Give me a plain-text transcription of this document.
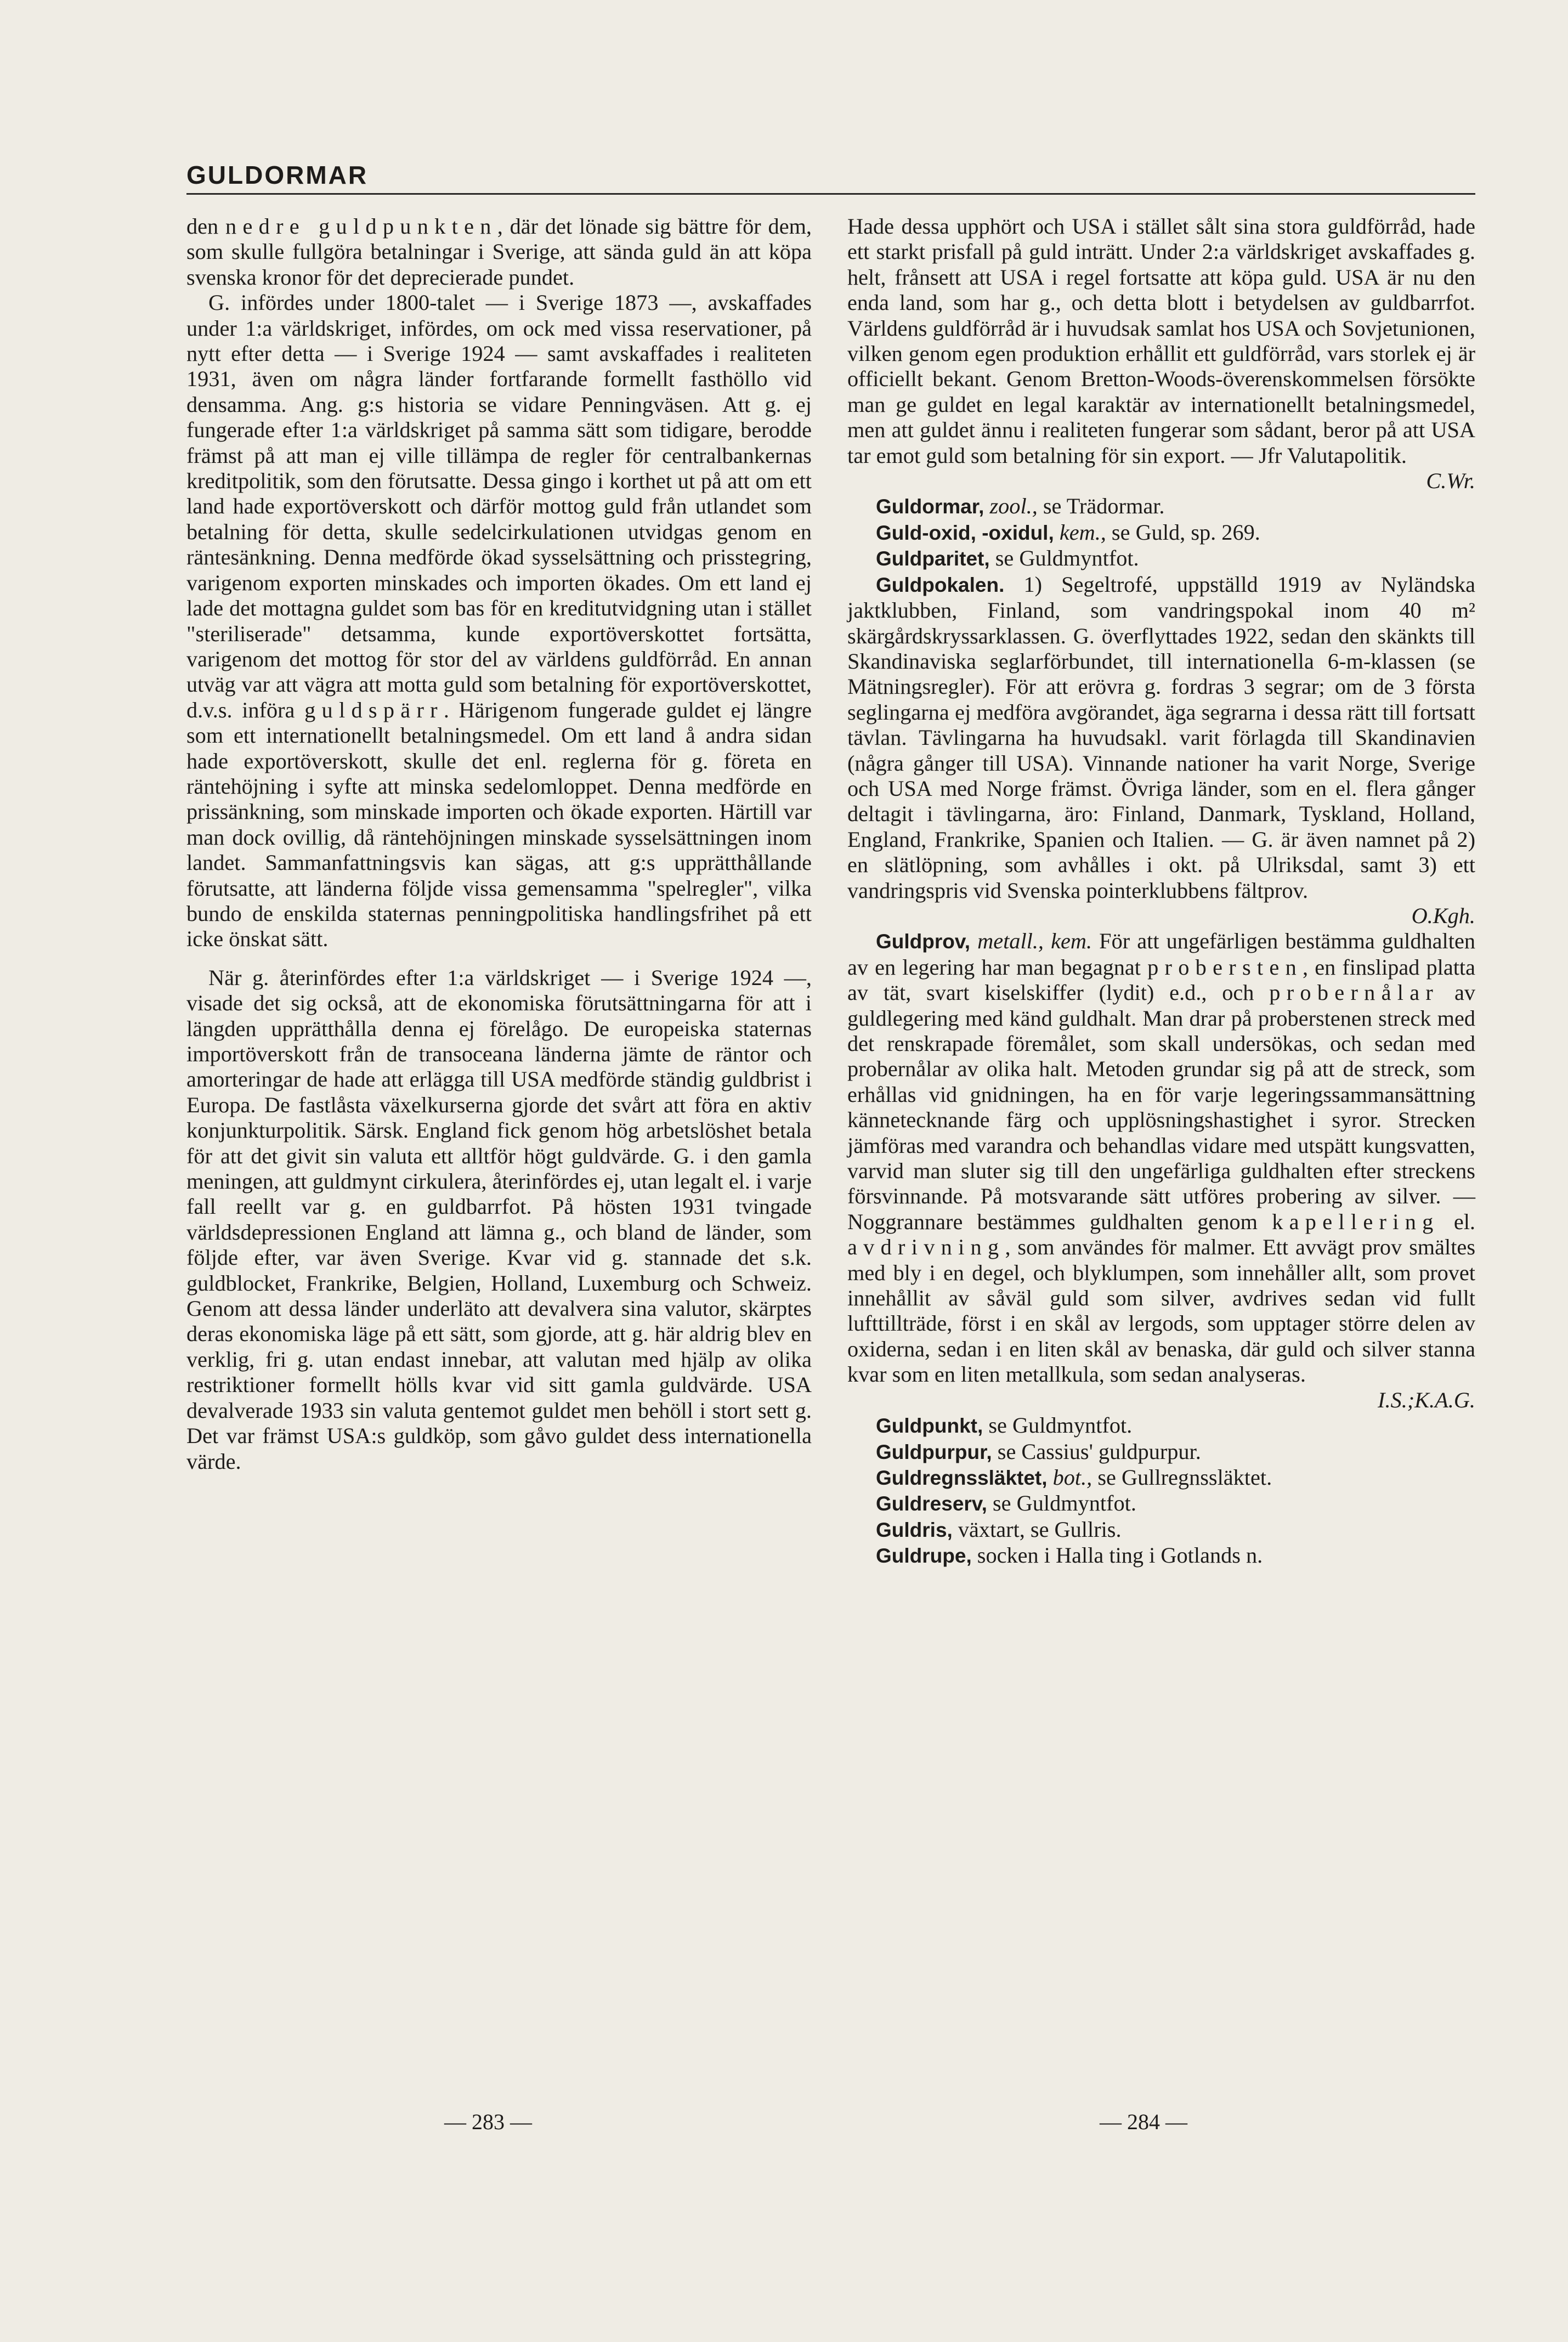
GULDORMAR

den nedre guldpunkten, där det lönade sig bättre för dem, som skulle fullgöra betalningar i Sverige, att sända guld än att köpa svenska kronor för det deprecierade pundet.

G. infördes under 1800-talet — i Sverige 1873 —, avskaffades under 1:a världskriget, infördes, om ock med vissa reservationer, på nytt efter detta — i Sverige 1924 — samt avskaffades i realiteten 1931, även om några länder fortfarande formellt fasthöllo vid densamma. Ang. g:s historia se vidare Penningväsen. Att g. ej fungerade efter 1:a världskriget på samma sätt som tidigare, berodde främst på att man ej ville tillämpa de regler för centralbankernas kreditpolitik, som den förutsatte. Dessa gingo i korthet ut på att om ett land hade exportöverskott och därför mottog guld från utlandet som betalning för detta, skulle sedelcirkulationen utvidgas genom en räntesänkning. Denna medförde ökad sysselsättning och prisstegring, varigenom exporten minskades och importen ökades. Om ett land ej lade det mottagna guldet som bas för en kreditutvidgning utan i stället "steriliserade" detsamma, kunde exportöverskottet fortsätta, varigenom det mottog för stor del av världens guldförråd. En annan utväg var att vägra att motta guld som betalning för exportöverskottet, d.v.s. införa guldspärr. Härigenom fungerade guldet ej längre som ett internationellt betalningsmedel. Om ett land å andra sidan hade exportöverskott, skulle det enl. reglerna för g. företa en räntehöjning i syfte att minska sedelomloppet. Denna medförde en prissänkning, som minskade importen och ökade exporten. Härtill var man dock ovillig, då räntehöjningen minskade sysselsättningen inom landet. Sammanfattningsvis kan sägas, att g:s upprätthållande förutsatte, att länderna följde vissa gemensamma "spelregler", vilka bundo de enskilda staternas penningpolitiska handlingsfrihet på ett icke önskat sätt.

När g. återinfördes efter 1:a världskriget — i Sverige 1924 —, visade det sig också, att de ekonomiska förutsättningarna för att i längden upprätthålla denna ej förelågo. De europeiska staternas importöverskott från de transoceana länderna jämte de räntor och amorteringar de hade att erlägga till USA medförde ständig guldbrist i Europa. De fastlåsta växelkurserna gjorde det svårt att föra en aktiv konjunkturpolitik. Särsk. England fick genom hög arbetslöshet betala för att det givit sin valuta ett alltför högt guldvärde. G. i den gamla meningen, att guldmynt cirkulera, återinfördes ej, utan legalt el. i varje fall reellt var g. en guldbarrfot. På hösten 1931 tvingade världsdepressionen England att lämna g., och bland de länder, som följde efter, var även Sverige. Kvar vid g. stannade det s.k. guldblocket, Frankrike, Belgien, Holland, Luxemburg och Schweiz. Genom att dessa länder underläto att devalvera sina valutor, skärptes deras ekonomiska läge på ett sätt, som gjorde, att g. här aldrig blev en verklig, fri g. utan endast innebar, att valutan med hjälp av olika restriktioner formellt hölls kvar vid sitt gamla guldvärde. USA devalverade 1933 sin valuta gentemot guldet men behöll i stort sett g. Det var främst USA:s guldköp, som gåvo guldet dess internationella värde.

Hade dessa upphört och USA i stället sålt sina stora guldförråd, hade ett starkt prisfall på guld inträtt. Under 2:a världskriget avskaffades g. helt, frånsett att USA i regel fortsatte att köpa guld. USA är nu den enda land, som har g., och detta blott i betydelsen av guldbarrfot. Världens guldförråd är i huvudsak samlat hos USA och Sovjetunionen, vilken genom egen produktion erhållit ett guldförråd, vars storlek ej är officiellt bekant. Genom Bretton-Woods-överenskommelsen försökte man ge guldet en legal karaktär av internationellt betalningsmedel, men att guldet ännu i realiteten fungerar som sådant, beror på att USA tar emot guld som betalning för sin export. — Jfr Valutapolitik.

C.Wr.

Guldormar, zool., se Trädormar.

Guld-oxid, -oxidul, kem., se Guld, sp. 269.

Guldparitet, se Guldmyntfot.

Guldpokalen. 1) Segeltrofé, uppställd 1919 av Nyländska jaktklubben, Finland, som vandringspokal inom 40 m² skärgårdskryssarklassen. G. överflyttades 1922, sedan den skänkts till Skandinaviska seglarförbundet, till internationella 6-m-klassen (se Mätningsregler). För att erövra g. fordras 3 segrar; om de 3 första seglingarna ej medföra avgörandet, äga segrarna i dessa rätt till fortsatt tävlan. Tävlingarna ha huvudsakl. varit förlagda till Skandinavien (några gånger till USA). Vinnande nationer ha varit Norge, Sverige och USA med Norge främst. Övriga länder, som en el. flera gånger deltagit i tävlingarna, äro: Finland, Danmark, Tyskland, Holland, England, Frankrike, Spanien och Italien. — G. är även namnet på 2) en slätlöpning, som avhålles i okt. på Ulriksdal, samt 3) ett vandringspris vid Svenska pointerklubbens fältprov.

O.Kgh.

Guldprov, metall., kem. För att ungefärligen bestämma guldhalten av en legering har man begagnat probersten, en finslipad platta av tät, svart kiselskiffer (lydit) e.d., och probernålar av guldlegering med känd guldhalt. Man drar på proberstenen streck med det renskrapade föremålet, som skall undersökas, och sedan med probernålar av olika halt. Metoden grundar sig på att de streck, som erhållas vid gnidningen, ha en för varje legeringssammansättning kännetecknande färg och upplösningshastighet i syror. Strecken jämföras med varandra och behandlas vidare med utspätt kungsvatten, varvid man sluter sig till den ungefärliga guldhalten efter streckens försvinnande. På motsvarande sätt utföres probering av silver. — Noggrannare bestämmes guldhalten genom kapellering el. avdrivning, som användes för malmer. Ett avvägt prov smältes med bly i en degel, och blyklumpen, som innehåller allt, som provet innehållit av såväl guld som silver, avdrives sedan vid fullt lufttillträde, först i en skål av lergods, som upptager större delen av oxiderna, sedan i en liten skål av benaska, där guld och silver stanna kvar som en liten metallkula, som sedan analyseras.

I.S.;K.A.G.

Guldpunkt, se Guldmyntfot.

Guldpurpur, se Cassius' guldpurpur.

Guldregnssläktet, bot., se Gullregnssläktet.

Guldreserv, se Guldmyntfot.

Guldris, växtart, se Gullris.

Guldrupe, socken i Halla ting i Gotlands n.

— 283 —	— 284 —
